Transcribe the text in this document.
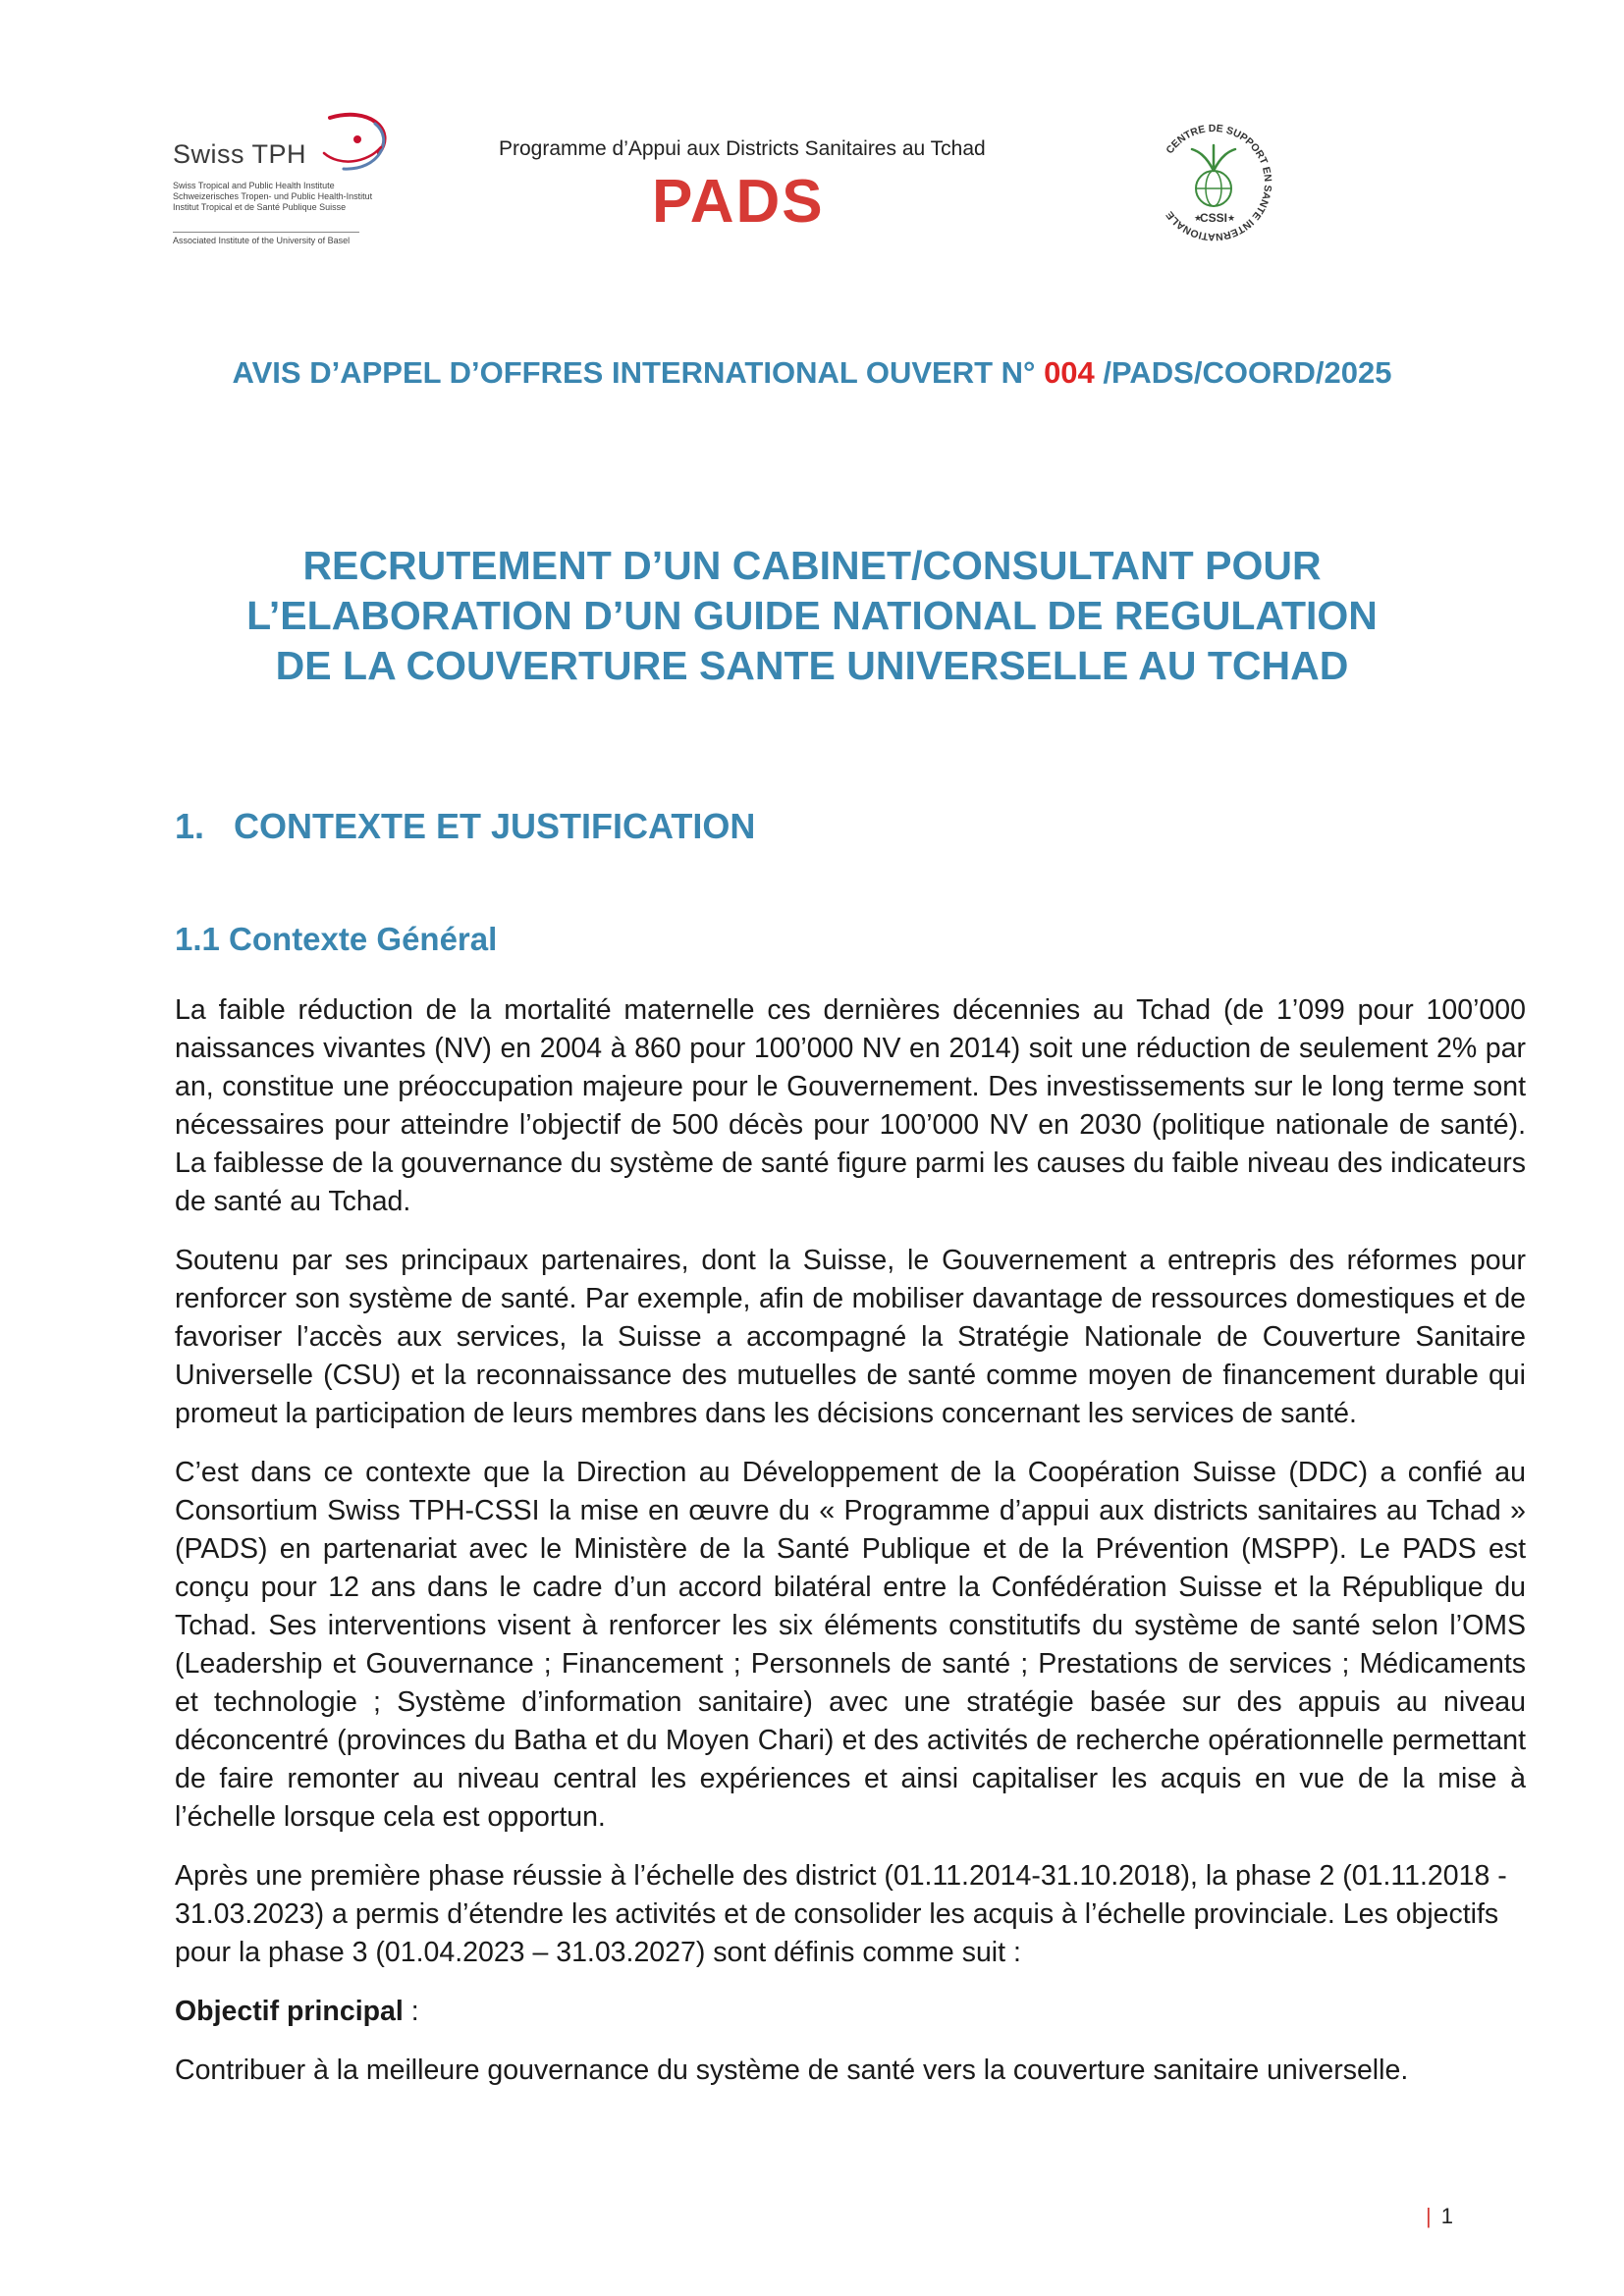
Swiss TPH
Swiss Tropical and Public Health Institute
Schweizerisches Tropen- und Public Health-Institut
Institut Tropical et de Santé Publique Suisse
Associated Institute of the University of Basel
Programme d’Appui aux Districts Sanitaires au Tchad
PADS
CENTRE DE SUPPORT EN SANTE INTERNATIONALE	CSSI
★	★
AVIS D’APPEL D’OFFRES INTERNATIONAL OUVERT N° 004 /PADS/COORD/2025
RECRUTEMENT D’UN CABINET/CONSULTANT POUR
L’ELABORATION D’UN GUIDE NATIONAL DE REGULATION
DE LA COUVERTURE SANTE UNIVERSELLE AU TCHAD
1. CONTEXTE ET JUSTIFICATION
1.1 Contexte Général

La faible réduction de la mortalité maternelle ces dernières décennies au Tchad (de 1’099 pour 100’000 naissances vivantes (NV) en 2004 à 860 pour 100’000 NV en 2014) soit une réduction de seulement 2% par an, constitue une préoccupation majeure pour le Gouvernement. Des investissements sur le long terme sont nécessaires pour atteindre l’objectif de 500 décès pour 100’000 NV en 2030 (politique nationale de santé). La faiblesse de la gouvernance du système de santé figure parmi les causes du faible niveau des indicateurs de santé au Tchad.

Soutenu par ses principaux partenaires, dont la Suisse, le Gouvernement a entrepris des réformes pour renforcer son système de santé. Par exemple, afin de mobiliser davantage de ressources domestiques et de favoriser l’accès aux services, la Suisse a accompagné la Stratégie Nationale de Couverture Sanitaire Universelle (CSU) et la reconnaissance des mutuelles de santé comme moyen de financement durable qui promeut la participation de leurs membres dans les décisions concernant les services de santé.

C’est dans ce contexte que la Direction au Développement de la Coopération Suisse (DDC) a confié au Consortium Swiss TPH-CSSI la mise en œuvre du « Programme d’appui aux districts sanitaires au Tchad » (PADS) en partenariat avec le Ministère de la Santé Publique et de la Prévention (MSPP). Le PADS est conçu pour 12 ans dans le cadre d’un accord bilatéral entre la Confédération Suisse et la République du Tchad. Ses interventions visent à renforcer les six éléments constitutifs du système de santé selon l’OMS (Leadership et Gouvernance ; Financement ; Personnels de santé ; Prestations de services ; Médicaments et technologie ; Système d’information sanitaire) avec une stratégie basée sur des appuis au niveau déconcentré (provinces du Batha et du Moyen Chari) et des activités de recherche opérationnelle permettant de faire remonter au niveau central les expériences et ainsi capitaliser les acquis en vue de la mise à l’échelle lorsque cela est opportun.

Après une première phase réussie à l’échelle des district (01.11.2014-31.10.2018), la phase 2 (01.11.2018 - 31.03.2023) a permis d’étendre les activités et de consolider les acquis à l’échelle provinciale. Les objectifs pour la phase 3 (01.04.2023 – 31.03.2027) sont définis comme suit :

Objectif principal :

Contribuer à la meilleure gouvernance du système de santé vers la couverture sanitaire universelle.

| 1
